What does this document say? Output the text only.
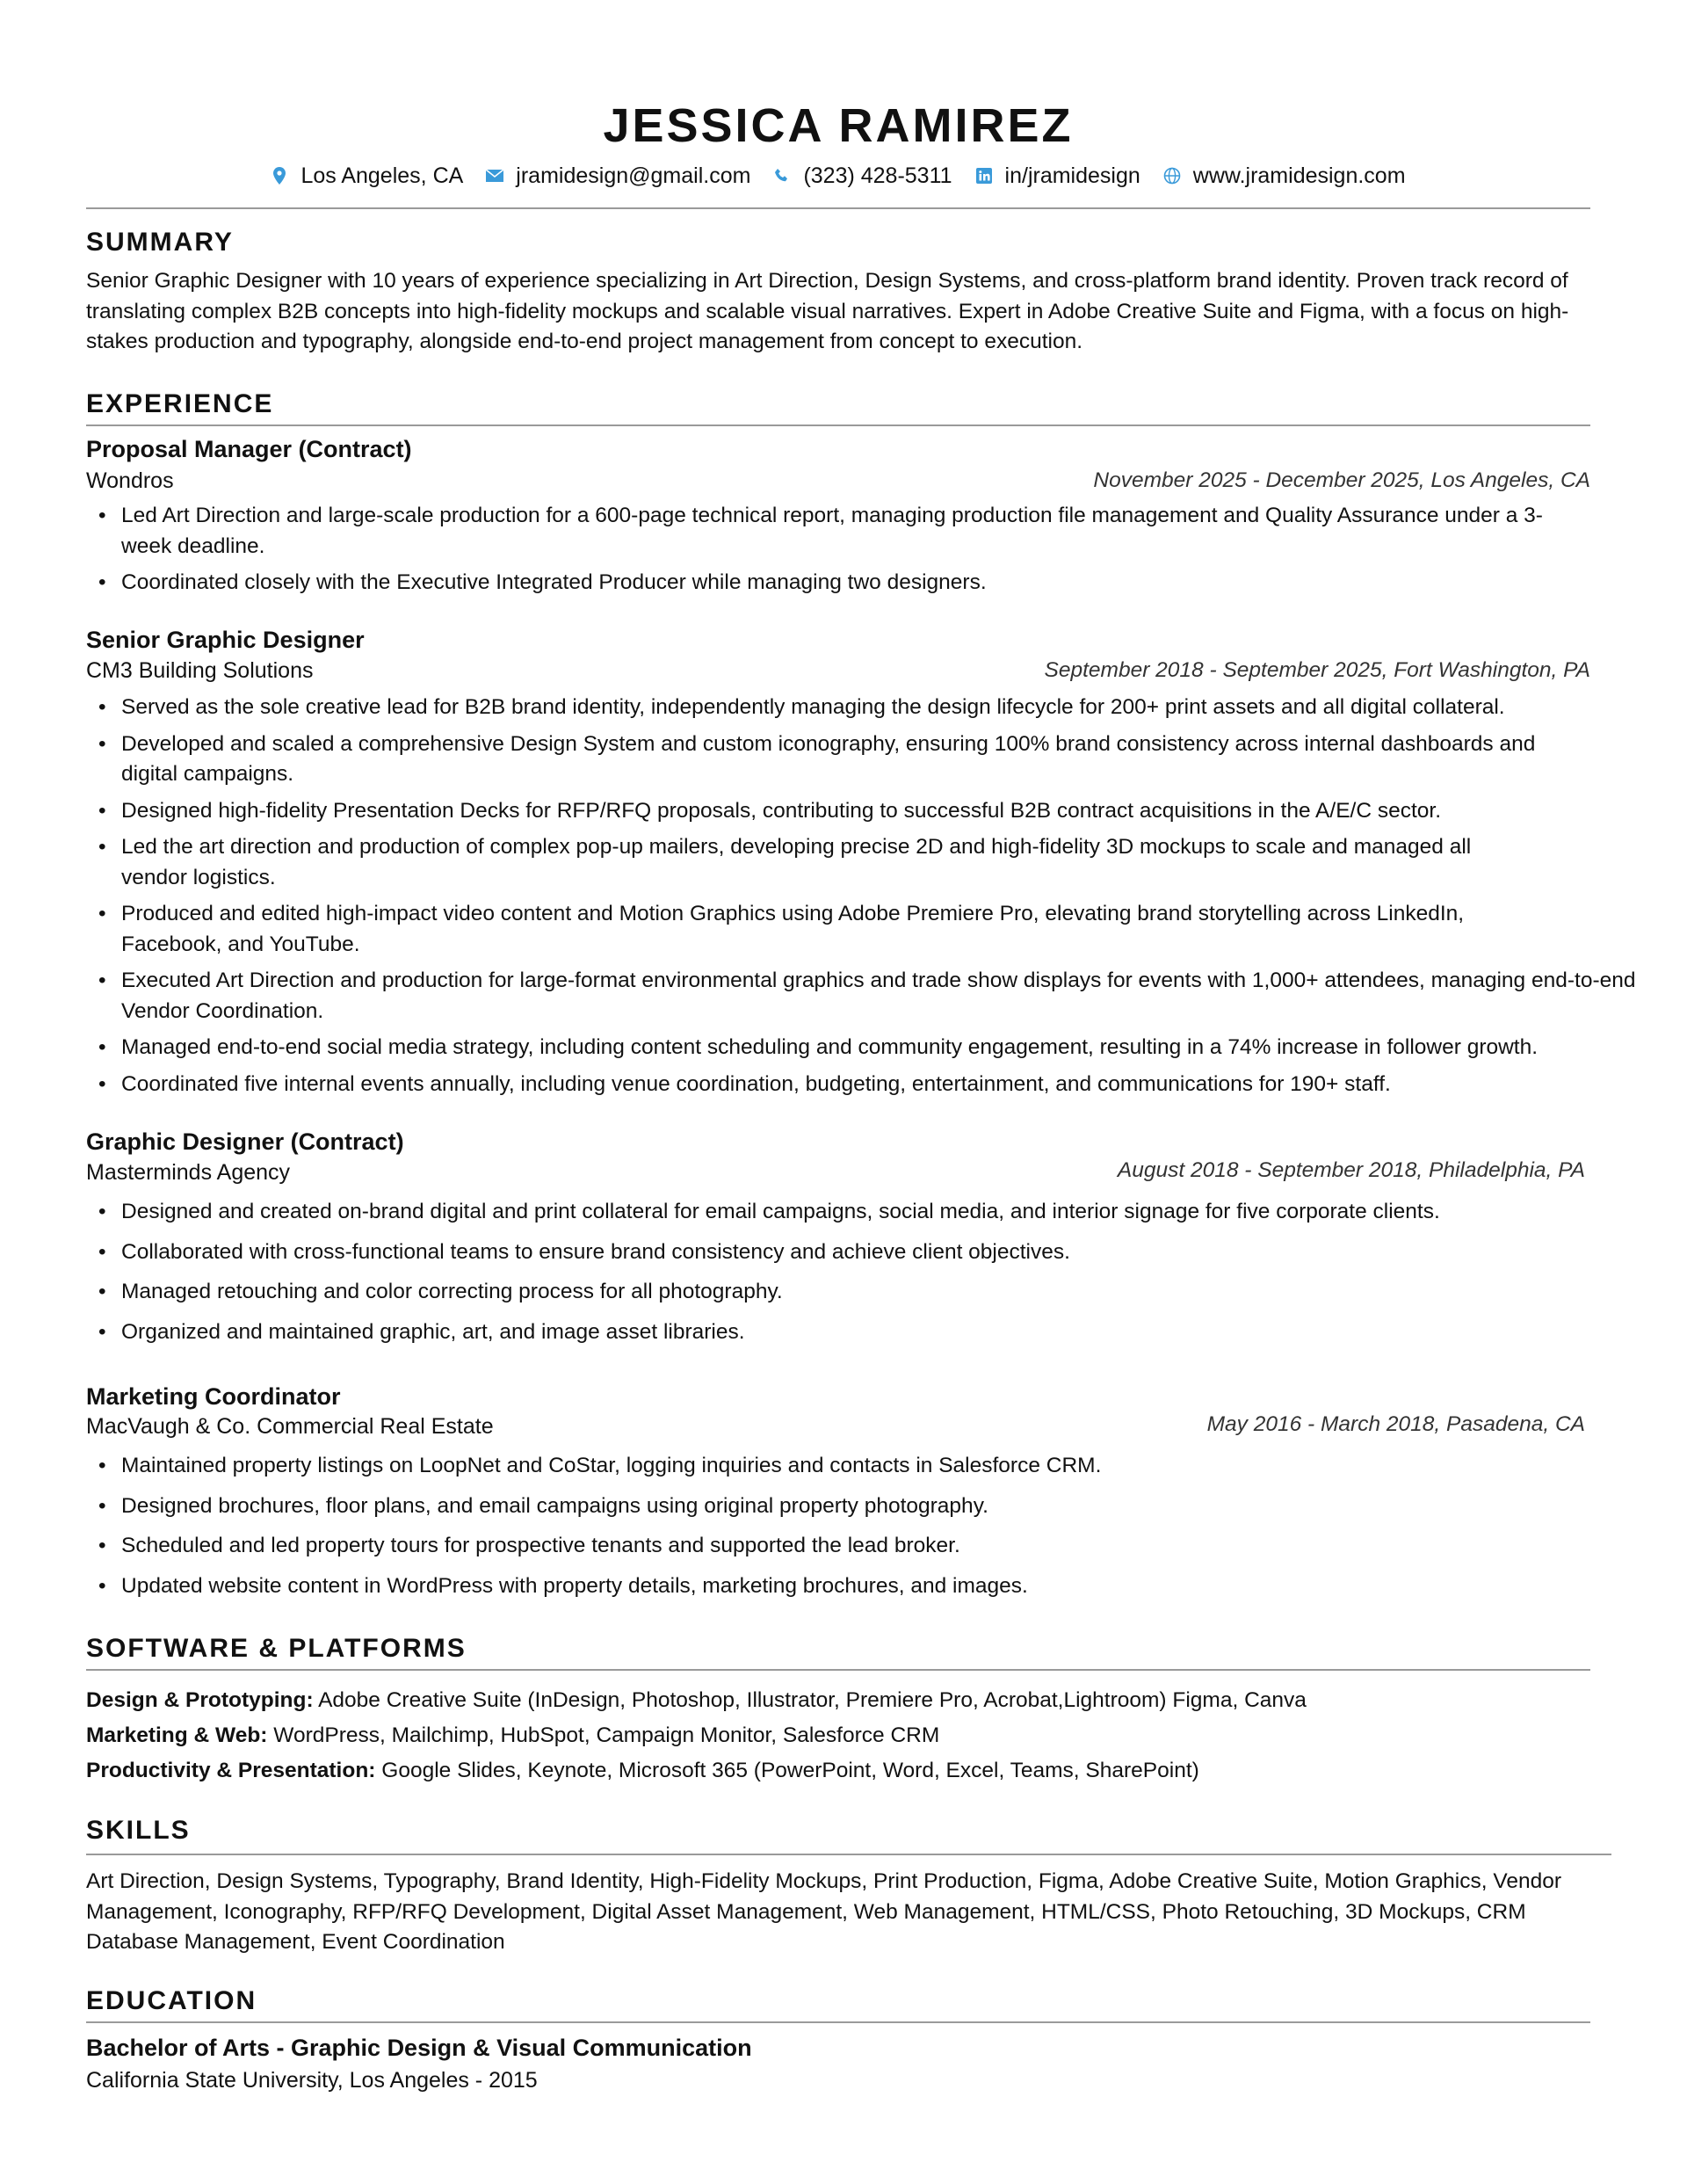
JESSICA RAMIREZ
Los Angeles, CA jramidesign@gmail.com (323) 428-5311 in/jramidesign www.jramidesign.com
SUMMARY
Senior Graphic Designer with 10 years of experience specializing in Art Direction, Design Systems, and cross-platform brand identity. Proven track record of translating complex B2B concepts into high-fidelity mockups and scalable visual narratives. Expert in Adobe Creative Suite and Figma, with a focus on high-stakes production and typography, alongside end-to-end project management from concept to execution.
EXPERIENCE
Proposal Manager (Contract)
Wondros	November 2025 - December 2025, Los Angeles, CA
• Led Art Direction and large-scale production for a 600-page technical report, managing production file management and Quality Assurance under a 3-week deadline.
• Coordinated closely with the Executive Integrated Producer while managing two designers.
Senior Graphic Designer
CM3 Building Solutions	September 2018 - September 2025, Fort Washington, PA
• Served as the sole creative lead for B2B brand identity, independently managing the design lifecycle for 200+ print assets and all digital collateral.
• Developed and scaled a comprehensive Design System and custom iconography, ensuring 100% brand consistency across internal dashboards and digital campaigns.
• Designed high-fidelity Presentation Decks for RFP/RFQ proposals, contributing to successful B2B contract acquisitions in the A/E/C sector.
• Led the art direction and production of complex pop-up mailers, developing precise 2D and high-fidelity 3D mockups to scale and managed all vendor logistics.
• Produced and edited high-impact video content and Motion Graphics using Adobe Premiere Pro, elevating brand storytelling across LinkedIn, Facebook, and YouTube.
• Executed Art Direction and production for large-format environmental graphics and trade show displays for events with 1,000+ attendees, managing end-to-end Vendor Coordination.
• Managed end-to-end social media strategy, including content scheduling and community engagement, resulting in a 74% increase in follower growth.
• Coordinated five internal events annually, including venue coordination, budgeting, entertainment, and communications for 190+ staff.
Graphic Designer (Contract)
Masterminds Agency	August 2018 - September 2018, Philadelphia, PA
• Designed and created on-brand digital and print collateral for email campaigns, social media, and interior signage for five corporate clients.
• Collaborated with cross-functional teams to ensure brand consistency and achieve client objectives.
• Managed retouching and color correcting process for all photography.
• Organized and maintained graphic, art, and image asset libraries.
Marketing Coordinator
MacVaugh & Co. Commercial Real Estate	May 2016 - March 2018, Pasadena, CA
• Maintained property listings on LoopNet and CoStar, logging inquiries and contacts in Salesforce CRM.
• Designed brochures, floor plans, and email campaigns using original property photography.
• Scheduled and led property tours for prospective tenants and supported the lead broker.
• Updated website content in WordPress with property details, marketing brochures, and images.
SOFTWARE & PLATFORMS
Design & Prototyping: Adobe Creative Suite (InDesign, Photoshop, Illustrator, Premiere Pro, Acrobat,Lightroom) Figma, Canva
Marketing & Web: WordPress, Mailchimp, HubSpot, Campaign Monitor, Salesforce CRM
Productivity & Presentation: Google Slides, Keynote, Microsoft 365 (PowerPoint, Word, Excel, Teams, SharePoint)
SKILLS
Art Direction, Design Systems, Typography, Brand Identity, High-Fidelity Mockups, Print Production, Figma, Adobe Creative Suite, Motion Graphics, Vendor Management, Iconography, RFP/RFQ Development, Digital Asset Management, Web Management, HTML/CSS, Photo Retouching, 3D Mockups, CRM Database Management, Event Coordination
EDUCATION
Bachelor of Arts - Graphic Design & Visual Communication
California State University, Los Angeles - 2015
